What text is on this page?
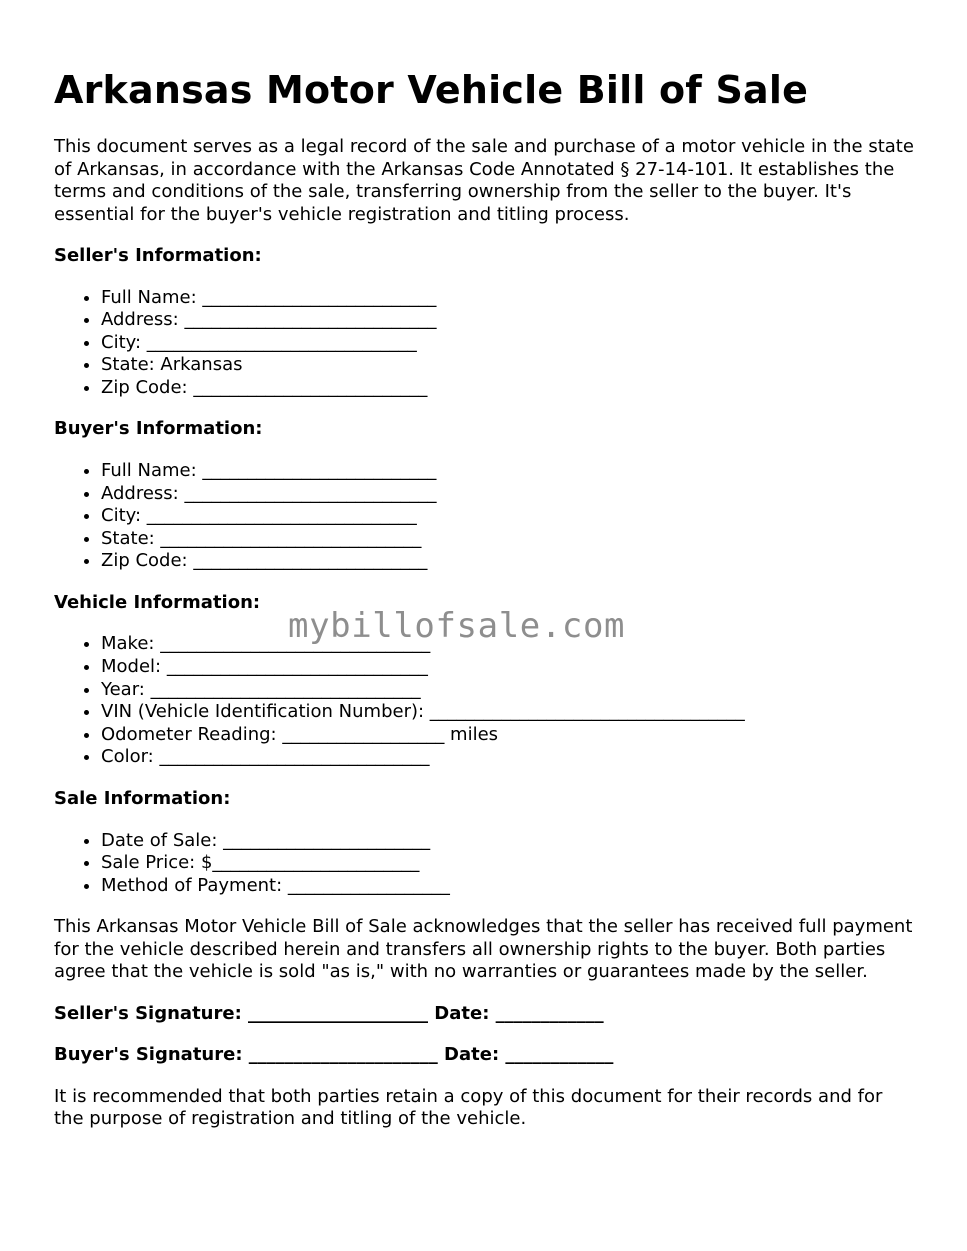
Arkansas Motor Vehicle Bill of Sale

This document serves as a legal record of the sale and purchase of a motor vehicle in the state of Arkansas, in accordance with the Arkansas Code Annotated § 27-14-101. It establishes the terms and conditions of the sale, transferring ownership from the seller to the buyer. It's essential for the buyer's vehicle registration and titling process.

Seller's Information:
• Full Name: __________________________
• Address: ____________________________
• City: ______________________________
• State: Arkansas
• Zip Code: __________________________
Buyer's Information:
• Full Name: __________________________
• Address: ____________________________
• City: ______________________________
• State: _____________________________
• Zip Code: __________________________
Vehicle Information:
• Make: ______________________________
• Model: _____________________________
• Year: ______________________________
• VIN (Vehicle Identification Number): ___________________________________
• Odometer Reading: __________________ miles
• Color: ______________________________
Sale Information:
• Date of Sale: _______________________
• Sale Price: $_______________________
• Method of Payment: __________________

This Arkansas Motor Vehicle Bill of Sale acknowledges that the seller has received full payment for the vehicle described herein and transfers all ownership rights to the buyer. Both parties agree that the vehicle is sold "as is," with no warranties or guarantees made by the seller.

Seller's Signature: ____________________ Date: ____________
Buyer's Signature: _____________________ Date: ____________

It is recommended that both parties retain a copy of this document for their records and for the purpose of registration and titling of the vehicle.

mybillofsale.com
